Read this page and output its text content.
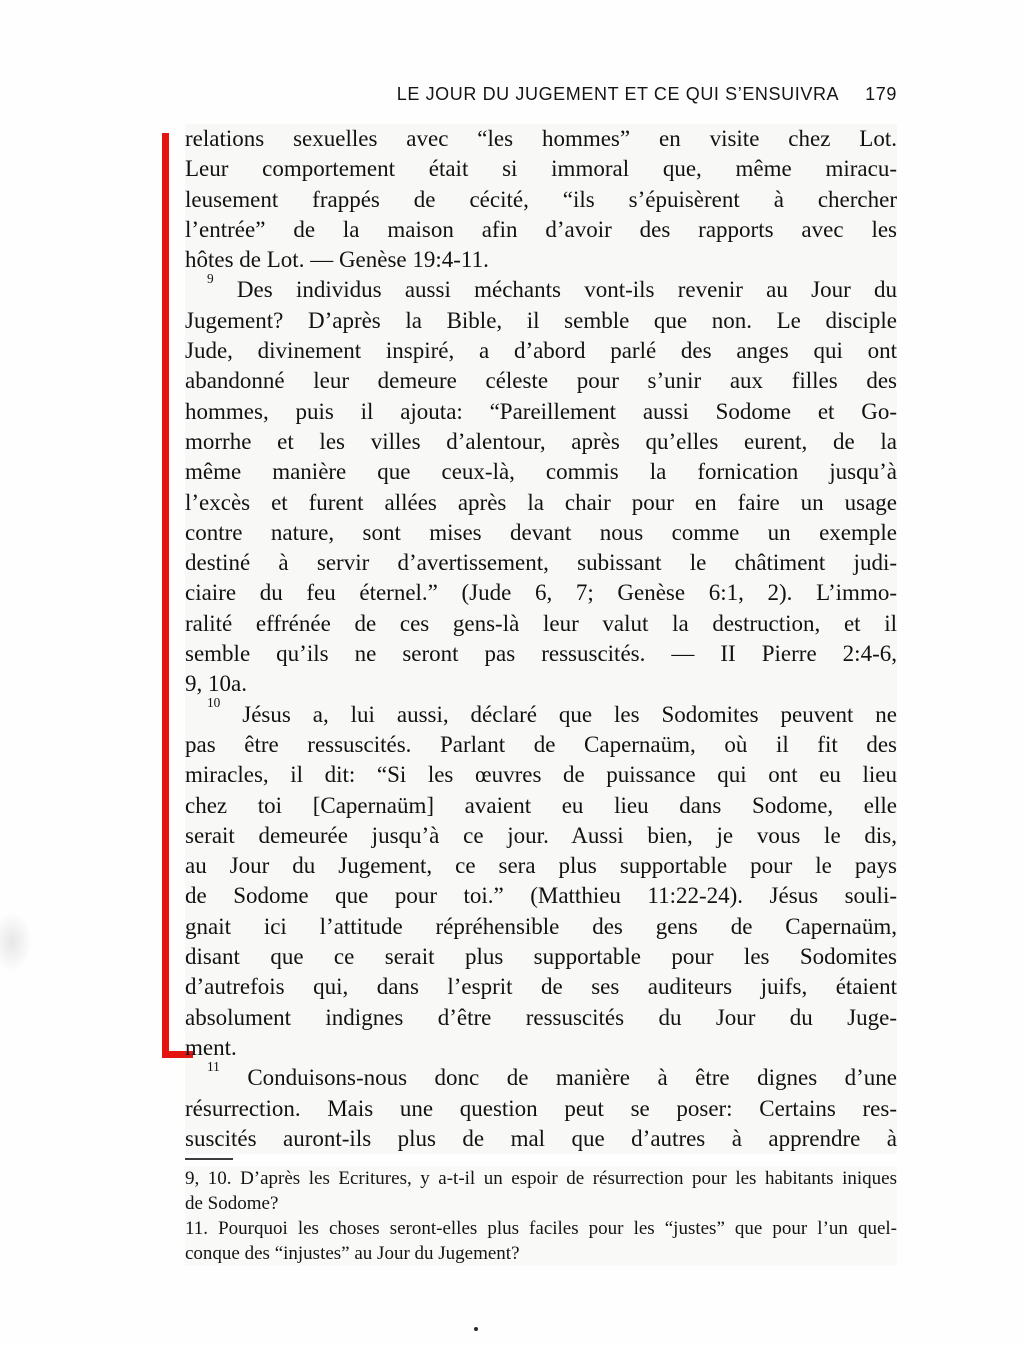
LE JOUR DU JUGEMENT ET CE QUI S’ENSUIVRA 179
relations sexuelles avec “les hommes” en visite chez Lot.
Leur comportement était si immoral que, même miracu-
leusement frappés de cécité, “ils s’épuisèrent à chercher
l’entrée” de la maison afin d’avoir des rapports avec les
hôtes de Lot. — Genèse 19:4-11.
$^9$ Des individus aussi méchants vont-ils revenir au Jour du
Jugement? D’après la Bible, il semble que non. Le disciple
Jude, divinement inspiré, a d’abord parlé des anges qui ont
abandonné leur demeure céleste pour s’unir aux filles des
hommes, puis il ajouta: “Pareillement aussi Sodome et Go-
morrhe et les villes d’alentour, après qu’elles eurent, de la
même manière que ceux-là, commis la fornication jusqu’à
l’excès et furent allées après la chair pour en faire un usage
contre nature, sont mises devant nous comme un exemple
destiné à servir d’avertissement, subissant le châtiment judi-
ciaire du feu éternel.” (Jude 6, 7; Genèse 6:1, 2). L’immo-
ralité effrénée de ces gens-là leur valut la destruction, et il
semble qu’ils ne seront pas ressuscités. — II Pierre 2:4-6,
9, 10a.
$^{10}$ Jésus a, lui aussi, déclaré que les Sodomites peuvent ne
pas être ressuscités. Parlant de Capernaüm, où il fit des
miracles, il dit: “Si les œuvres de puissance qui ont eu lieu
chez toi [Capernaüm] avaient eu lieu dans Sodome, elle
serait demeurée jusqu’à ce jour. Aussi bien, je vous le dis,
au Jour du Jugement, ce sera plus supportable pour le pays
de Sodome que pour toi.” (Matthieu 11:22-24). Jésus souli-
gnait ici l’attitude répréhensible des gens de Capernaüm,
disant que ce serait plus supportable pour les Sodomites
d’autrefois qui, dans l’esprit de ses auditeurs juifs, étaient
absolument indignes d’être ressuscités du Jour du Juge-
ment.
$^{11}$ Conduisons-nous donc de manière à être dignes d’une
résurrection. Mais une question peut se poser: Certains res-
suscités auront-ils plus de mal que d’autres à apprendre à
9, 10. D’après les Ecritures, y a-t-il un espoir de résurrection pour les habitants iniques
de Sodome?
11. Pourquoi les choses seront-elles plus faciles pour les “justes” que pour l’un quel-
conque des “injustes” au Jour du Jugement?
